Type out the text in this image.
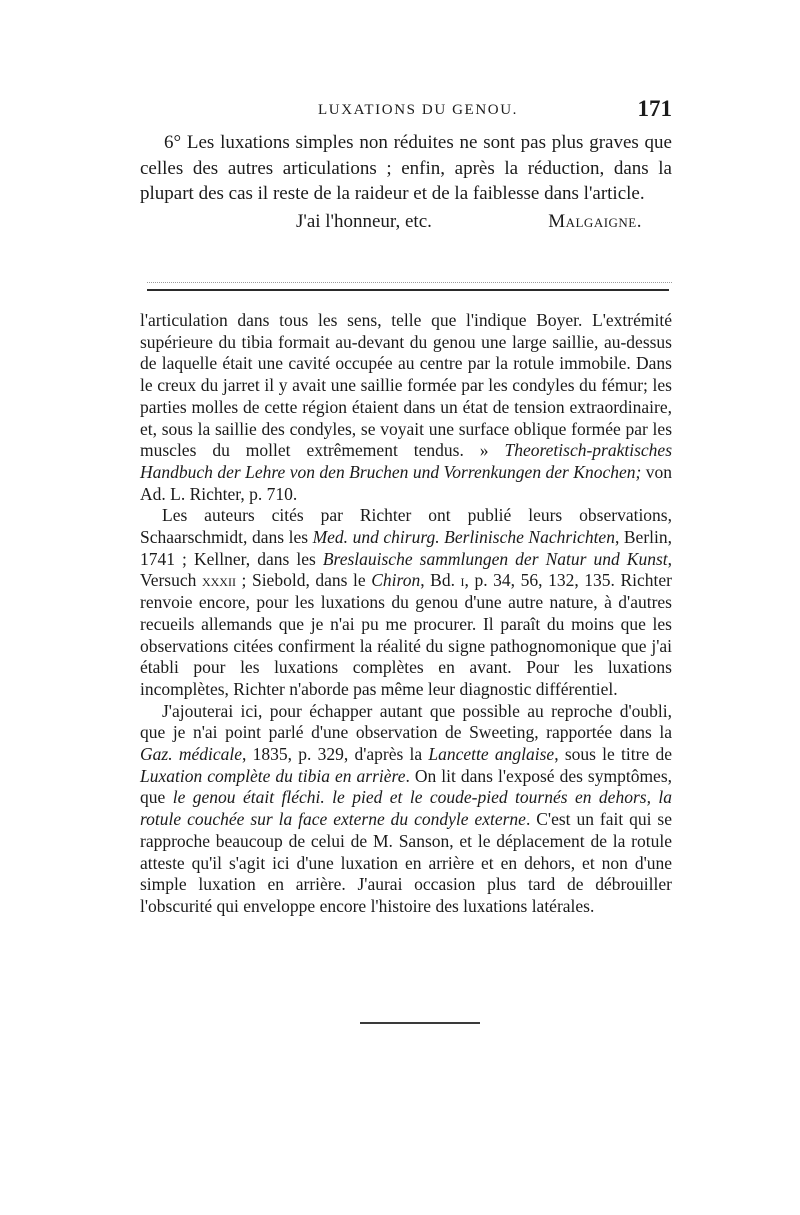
LUXATIONS DU GENOU.	171

6° Les luxations simples non réduites ne sont pas plus graves que celles des autres articulations ; enfin, après la réduction, dans la plupart des cas il reste de la raideur et de la faiblesse dans l'article.

J'ai l'honneur, etc.	Malgaigne.

l'articulation dans tous les sens, telle que l'indique Boyer. L'extrémité supérieure du tibia formait au-devant du genou une large saillie, au-dessus de laquelle était une cavité occupée au centre par la rotule immobile. Dans le creux du jarret il y avait une saillie formée par les condyles du fémur; les parties molles de cette région étaient dans un état de tension extraordinaire, et, sous la saillie des condyles, se voyait une surface oblique formée par les muscles du mollet extrêmement tendus. » Theoretisch-praktisches Handbuch der Lehre von den Bruchen und Vorrenkungen der Knochen; von Ad. L. Richter, p. 710.

Les auteurs cités par Richter ont publié leurs observations, Schaarschmidt, dans les Med. und chirurg. Berlinische Nachrichten, Berlin, 1741 ; Kellner, dans les Breslauische sammlungen der Natur und Kunst, Versuch xxxii ; Siebold, dans le Chiron, Bd. i, p. 34, 56, 132, 135. Richter renvoie encore, pour les luxations du genou d'une autre nature, à d'autres recueils allemands que je n'ai pu me procurer. Il paraît du moins que les observations citées confirment la réalité du signe pathognomonique que j'ai établi pour les luxations complètes en avant. Pour les luxations incomplètes, Richter n'aborde pas même leur diagnostic différentiel.

J'ajouterai ici, pour échapper autant que possible au reproche d'oubli, que je n'ai point parlé d'une observation de Sweeting, rapportée dans la Gaz. médicale, 1835, p. 329, d'après la Lancette anglaise, sous le titre de Luxation complète du tibia en arrière. On lit dans l'exposé des symptômes, que le genou était fléchi. le pied et le coude-pied tournés en dehors, la rotule couchée sur la face externe du condyle externe. C'est un fait qui se rapproche beaucoup de celui de M. Sanson, et le déplacement de la rotule atteste qu'il s'agit ici d'une luxation en arrière et en dehors, et non d'une simple luxation en arrière. J'aurai occasion plus tard de débrouiller l'obscurité qui enveloppe encore l'histoire des luxations latérales.
